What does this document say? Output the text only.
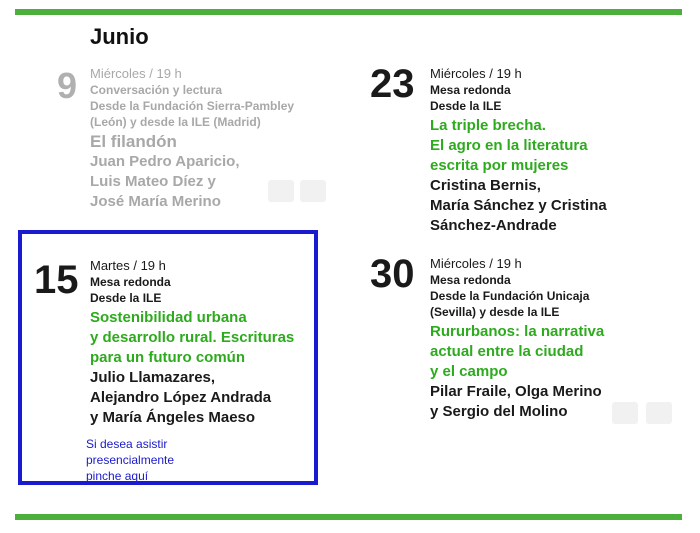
Junio
9 Miércoles / 19 h
Conversación y lectura
Desde la Fundación Sierra-Pambley
(León) y desde la ILE (Madrid)
El filandón
Juan Pedro Aparicio,
Luis Mateo Díez y
José María Merino
23 Miércoles / 19 h
Mesa redonda
Desde la ILE
La triple brecha.
El agro en la literatura
escrita por mujeres
Cristina Bernis,
María Sánchez y Cristina
Sánchez-Andrade
15 Martes / 19 h
Mesa redonda
Desde la ILE
Sostenibilidad urbana
y desarrollo rural. Escrituras
para un futuro común
Julio Llamazares,
Alejandro López Andrada
y María Ángeles Maeso
Si desea asistir presencialmente
pinche aquí
30 Miércoles / 19 h
Mesa redonda
Desde la Fundación Unicaja
(Sevilla) y desde la ILE
Rururbanos: la narrativa
actual entre la ciudad
y el campo
Pilar Fraile, Olga Merino
y Sergio del Molino
